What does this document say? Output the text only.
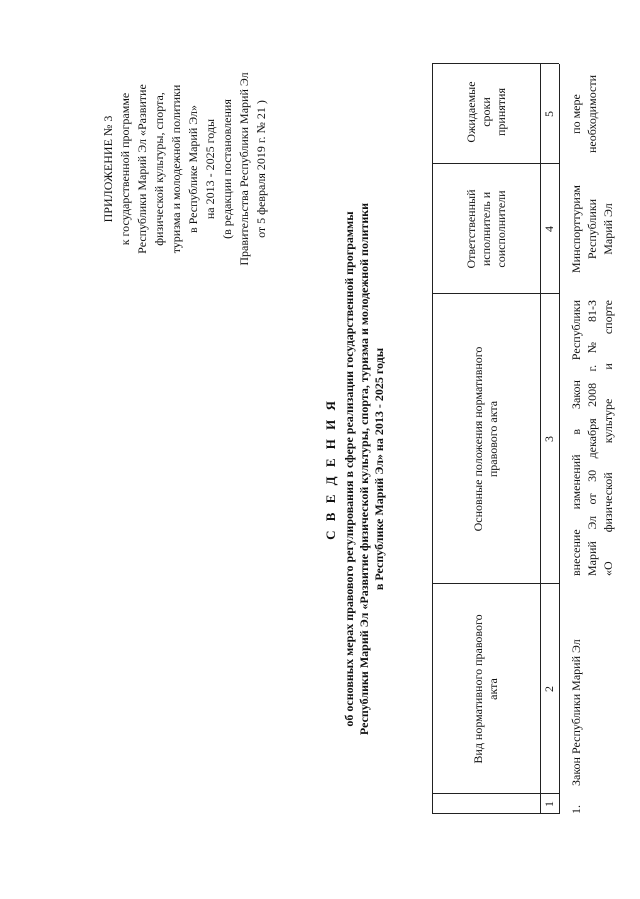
ПРИЛОЖЕНИЕ № 3 к государственной программе Республики Марий Эл «Развитие физической культуры, спорта, туризма и молодежной политики в Республике Марий Эл» на 2013 - 2025 годы (в редакции постановления Правительства Республики Марий Эл от 5 февраля 2019 г. № 21 )
С В Е Д Е Н И Я об основных мерах правового регулирования в сфере реализации государственной программы Республики Марий Эл «Развитие физической культуры, спорта, туризма и молодежной политики в Республике Марий Эл» на 2013 - 2025 годы
Вид нормативного правового акта
Основные положения нормативного правового акта
Ответственный исполнитель и соисполнители
Ожидаемые сроки принятия
1
2
3
4
5
1.
Закон Республики Марий Эл
внесение изменений в Закон Республики Марий Эл от 30 декабря 2008 г. № 81-З «О физической культуре и спорте
Минспорттуризм Республики Марий Эл
по мере необходимости
